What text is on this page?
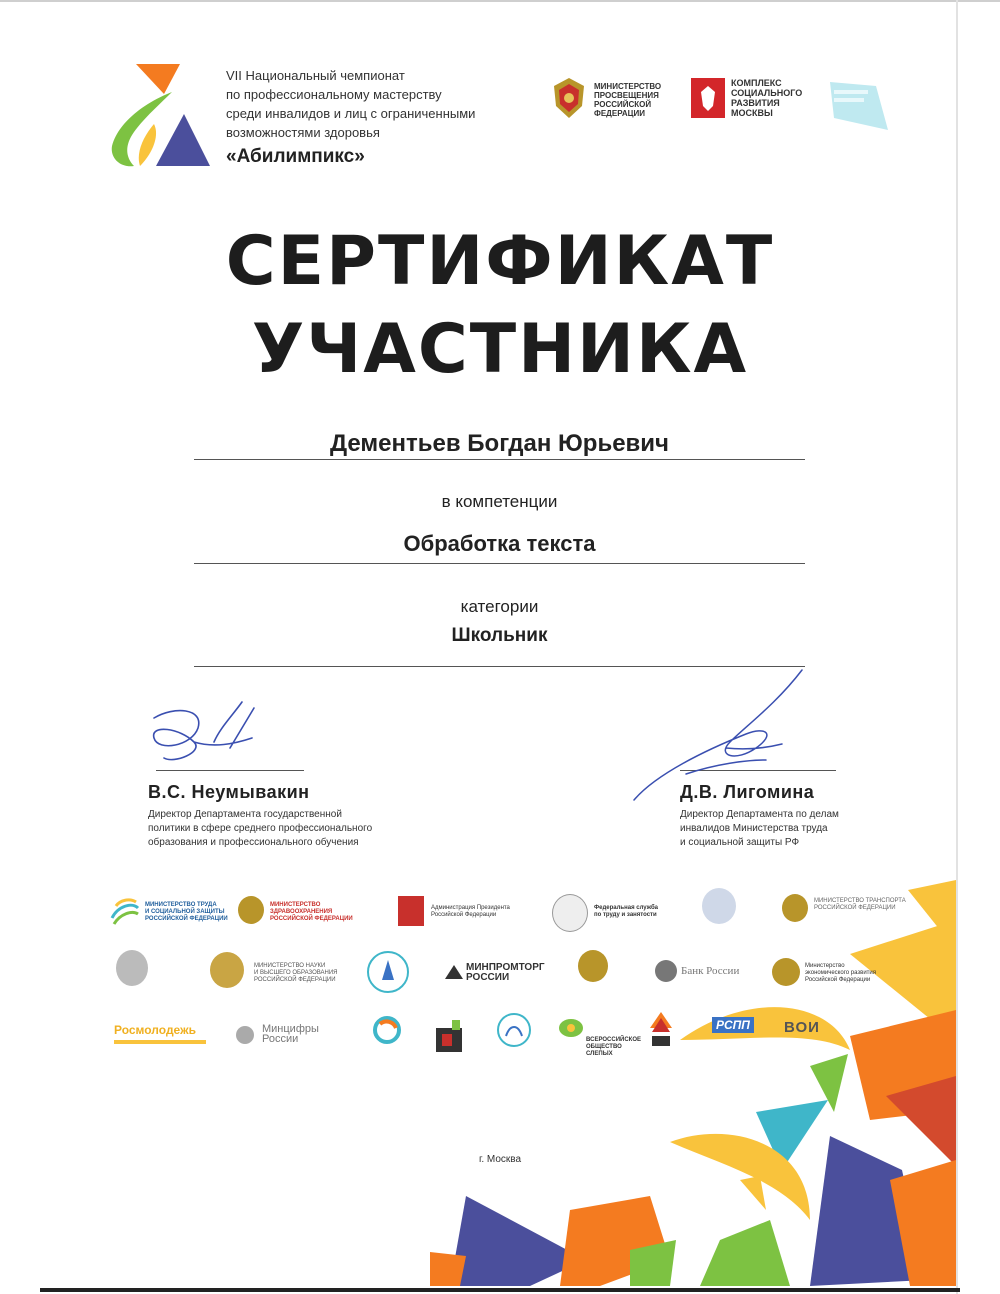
VII Национальный чемпионат
по профессиональному мастерству
среди инвалидов и лиц с ограниченными
возможностями здоровья
«Абилимпикс»
МИНИСТЕРСТВО
ПРОСВЕЩЕНИЯ
РОССИЙСКОЙ
ФЕДЕРАЦИИ
КОМПЛЕКС
СОЦИАЛЬНОГО
РАЗВИТИЯ
МОСКВЫ
СЕРТИФИКАТ
УЧАСТНИКА
Дементьев Богдан Юрьевич
в компетенции
Обработка текста
категории
Школьник
В.С. Неумывакин
Директор Департамента государственной
политики в сфере среднего профессионального
образования и профессионального обучения
Д.В. Лигомина
Директор Департамента по делам
инвалидов Министерства труда
и социальной защиты РФ
МИНИСТЕРСТВО ТРУДА
И СОЦИАЛЬНОЙ ЗАЩИТЫ
РОССИЙСКОЙ ФЕДЕРАЦИИ
МИНИСТЕРСТВО
ЗДРАВООХРАНЕНИЯ
РОССИЙСКОЙ ФЕДЕРАЦИИ
Администрация Президента
Российской Федерации
Федеральная служба
по труду и занятости
МИНИСТЕРСТВО ТРАНСПОРТА
РОССИЙСКОЙ ФЕДЕРАЦИИ
МИНИСТЕРСТВО НАУКИ
И ВЫСШЕГО ОБРАЗОВАНИЯ
РОССИЙСКОЙ ФЕДЕРАЦИИ
МИНПРОМТОРГ
РОССИИ
Банк России	Министерство
экономического развития
Российской Федерации
Росмолодежь	Минцифры
России	ВСЕРОССИЙСКОЕ
ОБЩЕСТВО
СЛЕПЫХ
РСПП ВОИ
г. Москва
